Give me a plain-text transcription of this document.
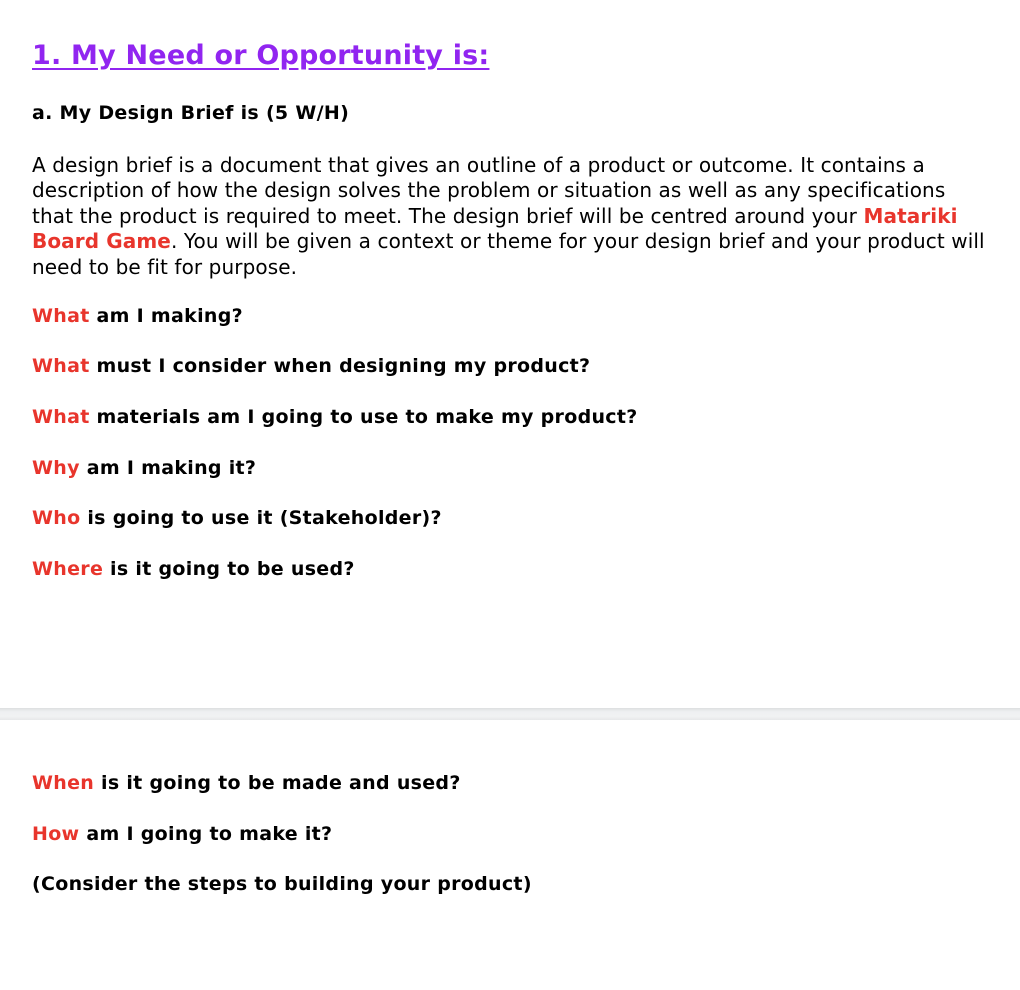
1. My Need or Opportunity is:
a. My Design Brief is (5 W/H)

A design brief is a document that gives an outline of a product or outcome. It contains a description of how the design solves the problem or situation as well as any specifications that the product is required to meet. The design brief will be centred around your Matariki Board Game. You will be given a context or theme for your design brief and your product will need to be fit for purpose.

What am I making?

What must I consider when designing my product?

What materials am I going to use to make my product?

Why am I making it?

Who is going to use it (Stakeholder)?

Where is it going to be used?

When is it going to be made and used?

How am I going to make it?

(Consider the steps to building your product)
